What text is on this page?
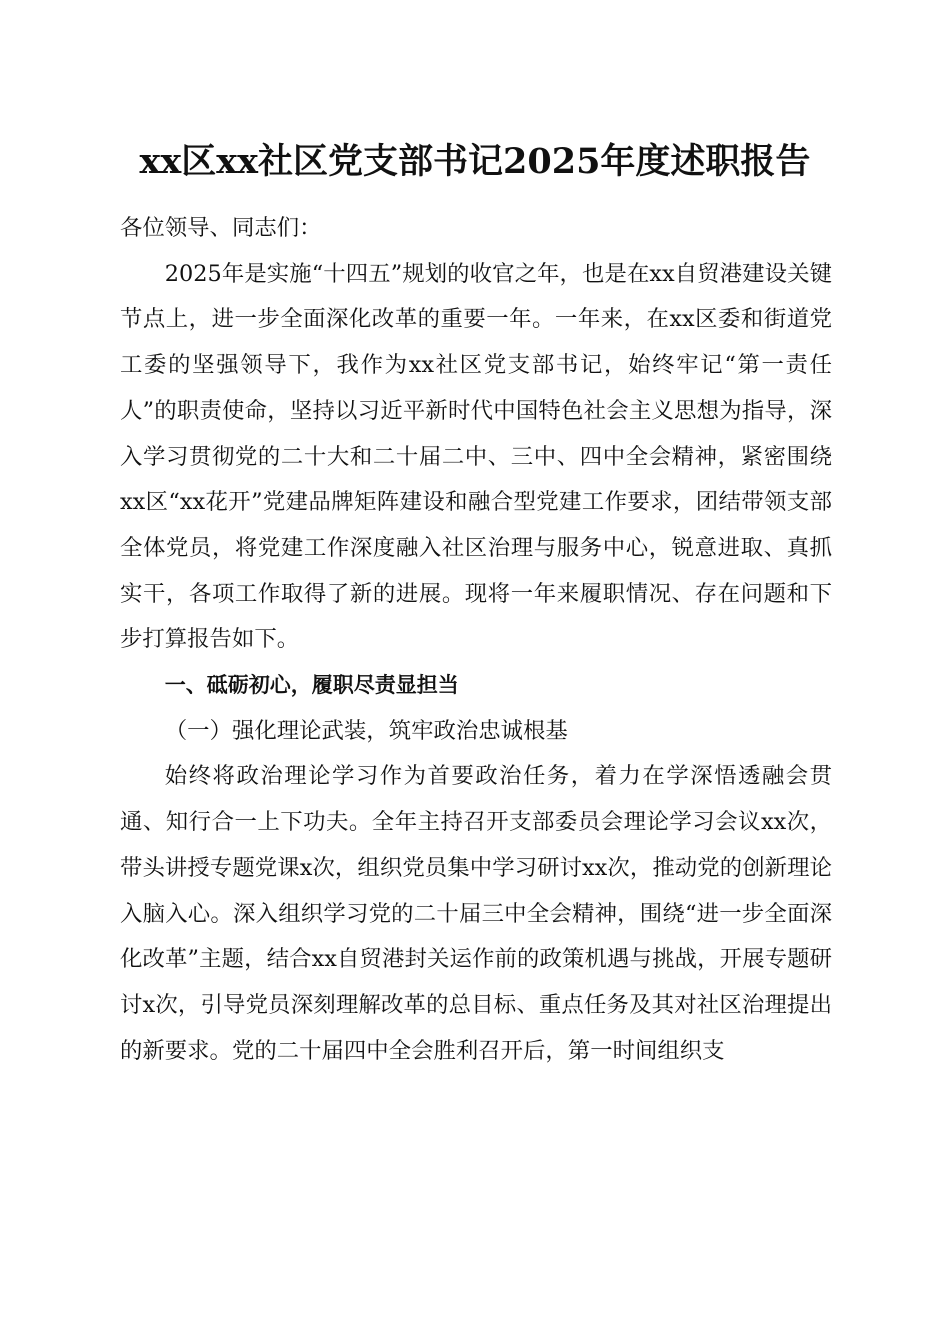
xx区xx社区党支部书记2025年度述职报告

各位领导、同志们：

2025年是实施“十四五”规划的收官之年，也是在xx自贸港建设关键节点上，进一步全面深化改革的重要一年。一年来，在xx区委和街道党工委的坚强领导下，我作为xx社区党支部书记，始终牢记“第一责任人”的职责使命，坚持以习近平新时代中国特色社会主义思想为指导，深入学习贯彻党的二十大和二十届二中、三中、四中全会精神，紧密围绕xx区“xx花开”党建品牌矩阵建设和融合型党建工作要求，团结带领支部全体党员，将党建工作深度融入社区治理与服务中心，锐意进取、真抓实干，各项工作取得了新的进展。现将一年来履职情况、存在问题和下步打算报告如下。

一、砥砺初心，履职尽责显担当

（一）强化理论武装，筑牢政治忠诚根基

始终将政治理论学习作为首要政治任务，着力在学深悟透融会贯通、知行合一上下功夫。全年主持召开支部委员会理论学习会议xx次，带头讲授专题党课x次，组织党员集中学习研讨xx次，推动党的创新理论入脑入心。深入组织学习党的二十届三中全会精神，围绕“进一步全面深化改革”主题，结合xx自贸港封关运作前的政策机遇与挑战，开展专题研讨x次，引导党员深刻理解改革的总目标、重点任务及其对社区治理提出的新要求。党的二十届四中全会胜利召开后，第一时间组织支
